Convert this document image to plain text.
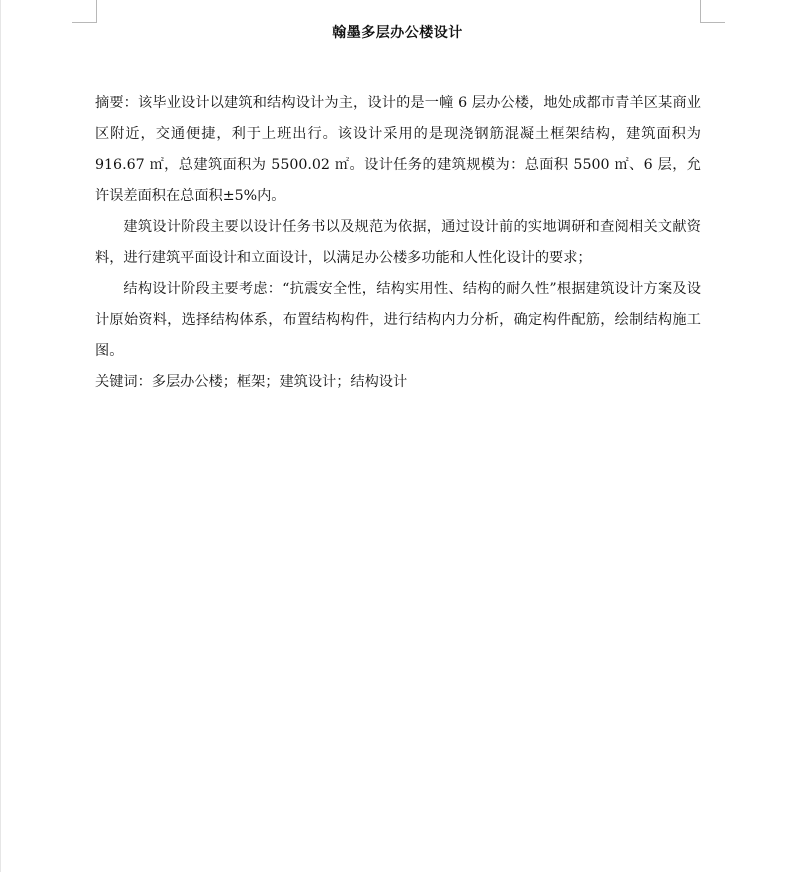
翰墨多层办公楼设计

摘要：该毕业设计以建筑和结构设计为主，设计的是一幢 6 层办公楼，地处成都市青羊区某商业区附近，交通便捷，利于上班出行。该设计采用的是现浇钢筋混凝土框架结构，建筑面积为 916.67 ㎡，总建筑面积为 5500.02 ㎡。设计任务的建筑规模为：总面积 5500 ㎡、6 层，允许误差面积在总面积±5%内。

建筑设计阶段主要以设计任务书以及规范为依据，通过设计前的实地调研和查阅相关文献资料，进行建筑平面设计和立面设计，以满足办公楼多功能和人性化设计的要求；

结构设计阶段主要考虑：“抗震安全性，结构实用性、结构的耐久性”根据建筑设计方案及设计原始资料，选择结构体系，布置结构构件，进行结构内力分析，确定构件配筋，绘制结构施工图。

关键词：多层办公楼；框架；建筑设计；结构设计
